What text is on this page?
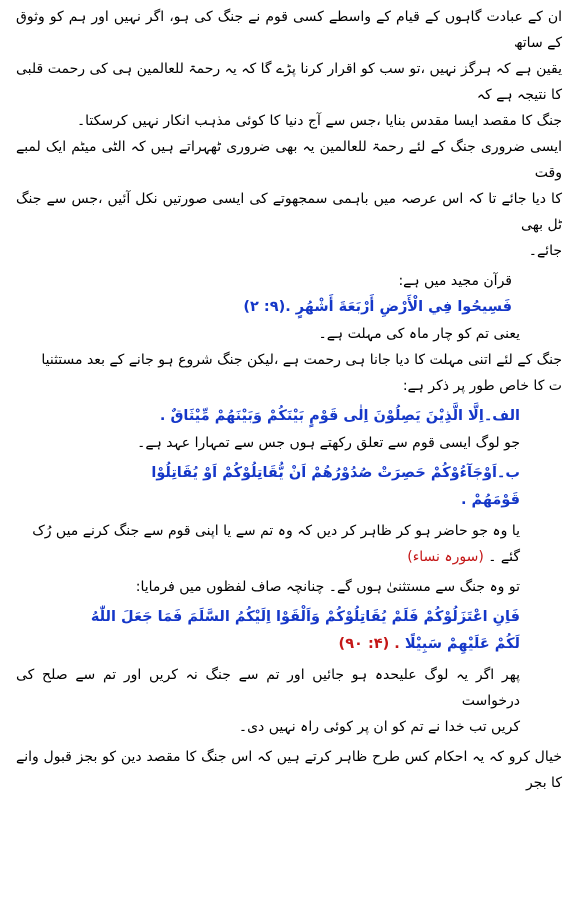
ان کے عبادت گاہوں کے قیام کے واسطے کسی قوم نے جنگ کی ہو، اگر نہیں اور ہم کو وثوق کے ساتھ

یقین ہے کہ ہرگز نہیں ،تو سب کو اقرار کرنا پڑے گا کہ یہ رحمۃ للعالمین ہی کی رحمت قلبی کا نتیجہ ہے کہ

جنگ کا مقصد ایسا مقدس بنایا ،جس سے آج دنیا کا کوئی مذہب انکار نہیں کرسکتا۔

ایسی ضروری جنگ کے لئے رحمۃ للعالمین یہ بھی ضروری ٹھہراتے ہیں کہ الٹی میٹم ایک لمبے وقت

کا دیا جائے تا کہ اس عرصہ میں باہمی سمجھوتے کی ایسی صورتیں نکل آئیں ،جس سے جنگ ٹل بھی

جائے۔

قرآن مجید میں ہے:

فَسِيحُوا فِي الْأَرْضِ أَرْبَعَةَ أَشْهُرٍ .(۹: ۲)

یعنی تم کو چار ماہ کی مہلت ہے۔

جنگ کے لئے اتنی مہلت کا دیا جانا ہی رحمت ہے ،لیکن جنگ شروع ہو جانے کے بعد مستثنیا

ت کا خاص طور پر ذکر ہے:

الف۔اِلَّا الَّذِيْنَ يَصِلُوْنَ اِلٰى قَوْمٍ بَيْنَكُمْ وَبَيْنَهُمْ مِّيْثَاقٌ .

جو لوگ ایسی قوم سے تعلق رکھتے ہوں جس سے تمہارا عہد ہے۔

ب۔اَوْجَآءُوْكُمْ حَصِرَتْ صُدُوْرُهُمْ اَنْ يُّقَاتِلُوْكُمْ اَوْ يُقَاتِلُوْا

قَوْمَهُمْ .

یا وہ جو حاضر ہو کر ظاہر کر دیں کہ وہ تم سے یا اپنی قوم سے جنگ کرنے میں رُک

گئے ۔ (سورہ نساء)

تو وہ جنگ سے مستثنیٰ ہوں گے۔ چنانچہ صاف لفظوں میں فرمایا:

فَاِنِ اعْتَزَلُوْكُمْ فَلَمْ يُقَاتِلُوْكُمْ وَاَلْقَوْا اِلَيْكُمُ السَّلَمَ فَمَا جَعَلَ اللّٰهُ

لَكُمْ عَلَيْهِمْ سَبِيْلًا . (۴: ۹۰)

پھر اگر یہ لوگ علیحدہ ہو جائیں اور تم سے جنگ نہ کریں اور تم سے صلح کی درخواست

کریں تب خدا نے تم کو ان پر کوئی راہ نہیں دی۔

خیال کرو کہ یہ احکام کس طرح ظاہر کرتے ہیں کہ اس جنگ کا مقصد دین کو بجز قبول وانے کا بجر
